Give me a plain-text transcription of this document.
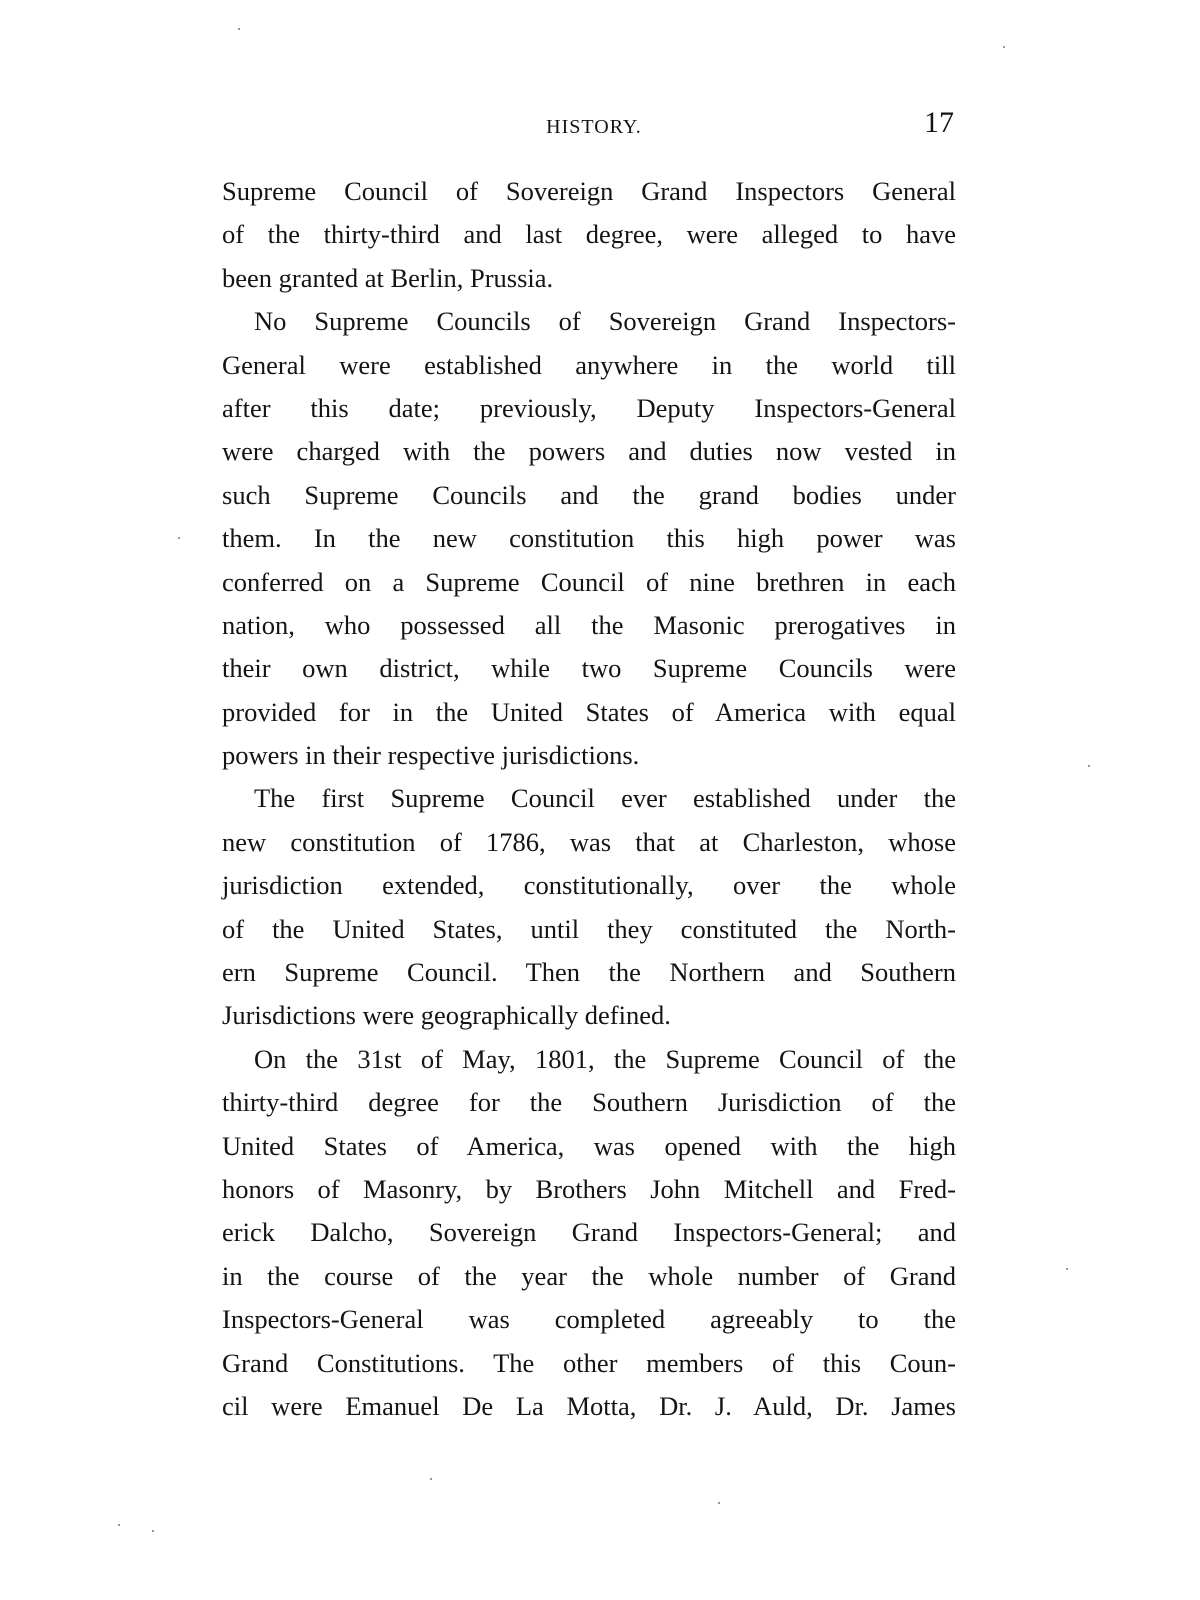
HISTORY.	17

Supreme Council of Sovereign Grand Inspectors General
of the thirty-third and last degree, were alleged to have
been granted at Berlin, Prussia.

No Supreme Councils of Sovereign Grand Inspectors-
General were established anywhere in the world till
after this date; previously, Deputy Inspectors-General
were charged with the powers and duties now vested in
such Supreme Councils and the grand bodies under
them. In the new constitution this high power was
conferred on a Supreme Council of nine brethren in each
nation, who possessed all the Masonic prerogatives in
their own district, while two Supreme Councils were
provided for in the United States of America with equal
powers in their respective jurisdictions.

The first Supreme Council ever established under the
new constitution of 1786, was that at Charleston, whose
jurisdiction extended, constitutionally, over the whole
of the United States, until they constituted the North-
ern Supreme Council. Then the Northern and Southern
Jurisdictions were geographically defined.

On the 31st of May, 1801, the Supreme Council of the
thirty-third degree for the Southern Jurisdiction of the
United States of America, was opened with the high
honors of Masonry, by Brothers John Mitchell and Fred-
erick Dalcho, Sovereign Grand Inspectors-General; and
in the course of the year the whole number of Grand
Inspectors-General was completed agreeably to the
Grand Constitutions. The other members of this Coun-
cil were Emanuel De La Motta, Dr. J. Auld, Dr. James
